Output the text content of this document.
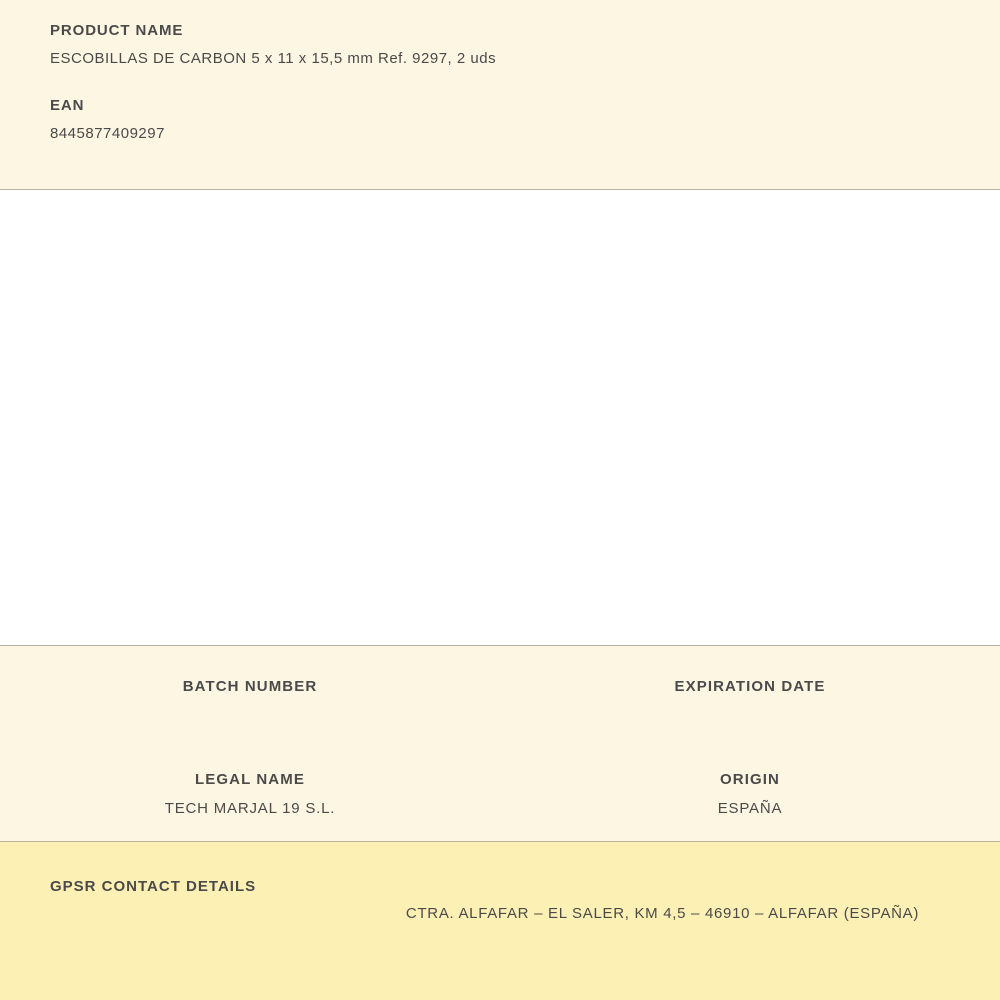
PRODUCT NAME

ESCOBILLAS DE CARBON 5 x 11 x 15,5 mm Ref. 9297, 2 uds

EAN

8445877409297

BATCH NUMBER	EXPIRATION DATE

LEGAL NAME	ORIGIN

TECH MARJAL 19 S.L.	ESPAÑA

GPSR CONTACT DETAILS

CTRA. ALFAFAR – EL SALER, KM 4,5 – 46910 – ALFAFAR (ESPAÑA)
